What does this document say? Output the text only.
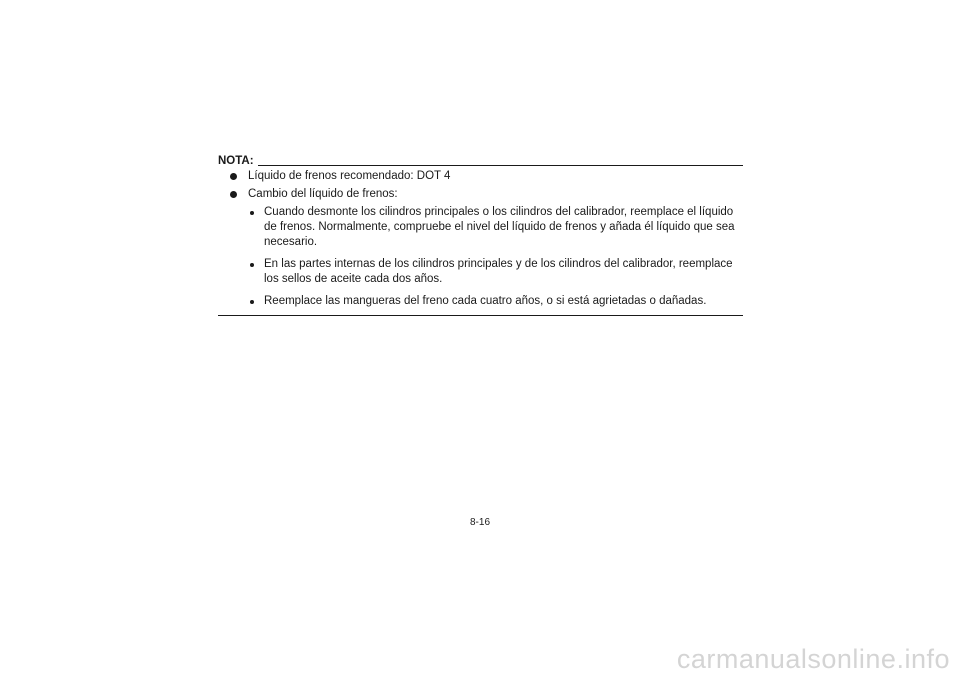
NOTA:
Líquido de frenos recomendado: DOT 4
Cambio del líquido de frenos:
Cuando desmonte los cilindros principales o los cilindros del calibrador, reemplace el líquido de frenos. Normalmente, compruebe el nivel del líquido de frenos y añada él líquido que sea necesario.
En las partes internas de los cilindros principales y de los cilindros del calibrador, reemplace los sellos de aceite cada dos años.
Reemplace las mangueras del freno cada cuatro años, o si está agrietadas o dañadas.
8-16
carmanualsonline.info
